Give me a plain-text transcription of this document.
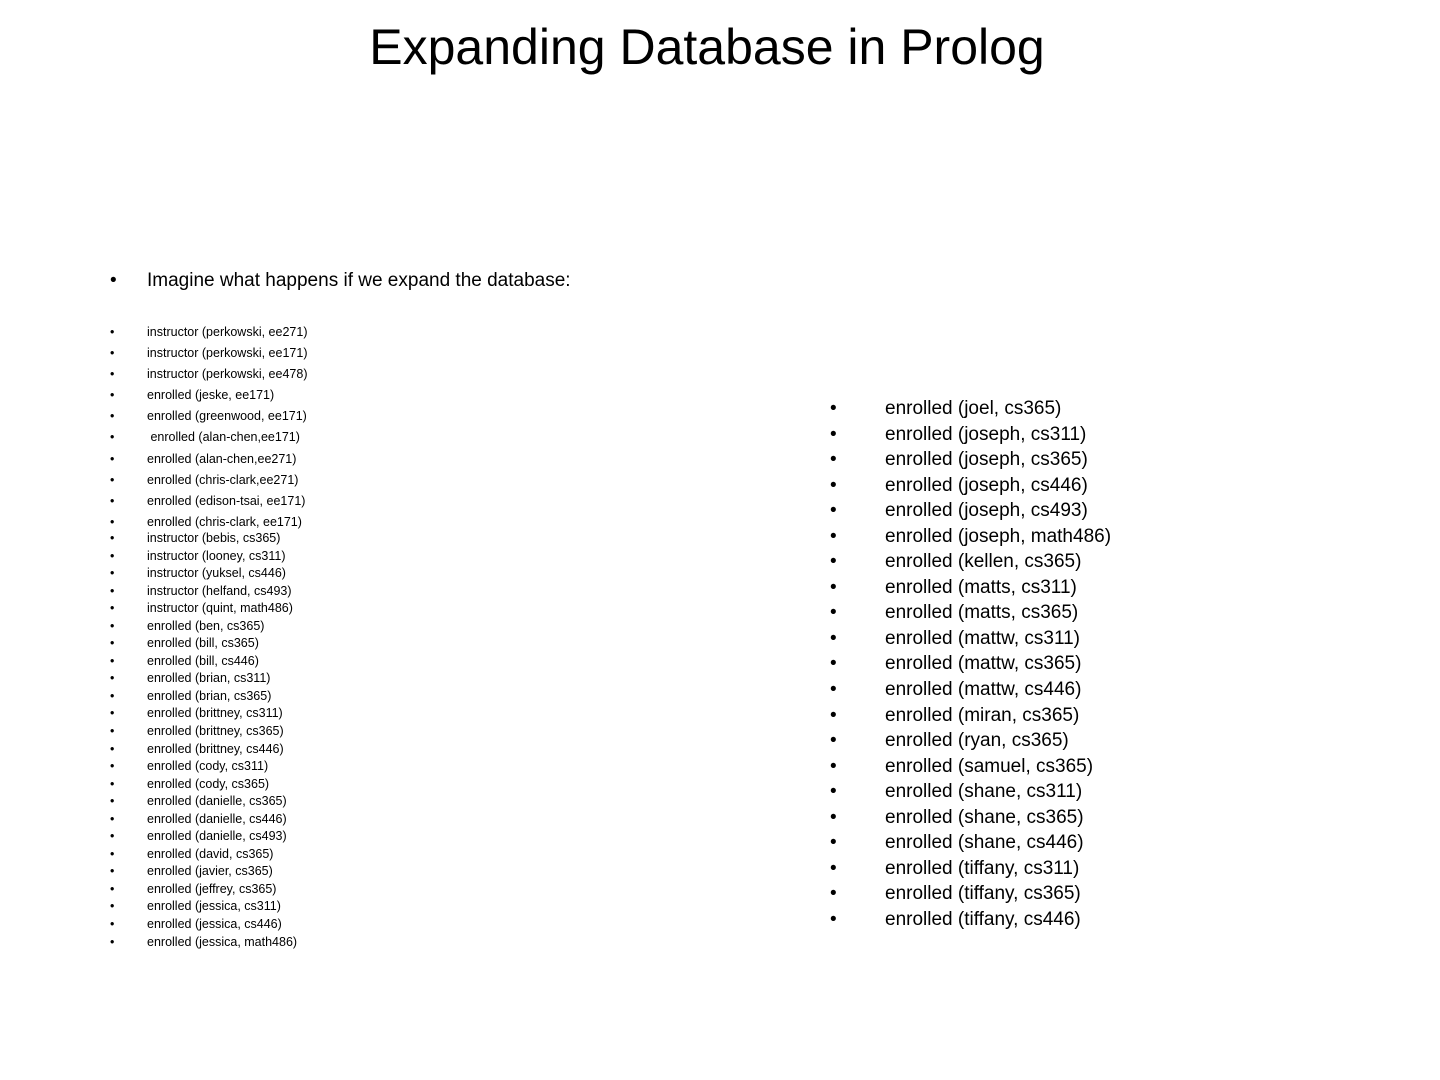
Expanding Database in Prolog

•	Imagine what happens if we expand the database:

•	instructor (perkowski, ee271)
•	instructor (perkowski, ee171)
•	instructor (perkowski, ee478)
•	enrolled (jeske, ee171)
•	enrolled (greenwood, ee171)
•	enrolled (alan-chen,ee171)
•	enrolled (alan-chen,ee271)
•	enrolled (chris-clark,ee271)
•	enrolled (edison-tsai, ee171)
•	enrolled (chris-clark, ee171)
•	instructor (bebis, cs365)
•	instructor (looney, cs311)
•	instructor (yuksel, cs446)
•	instructor (helfand, cs493)
•	instructor (quint, math486)
•	enrolled (ben, cs365)
•	enrolled (bill, cs365)
•	enrolled (bill, cs446)
•	enrolled (brian, cs311)
•	enrolled (brian, cs365)
•	enrolled (brittney, cs311)
•	enrolled (brittney, cs365)
•	enrolled (brittney, cs446)
•	enrolled (cody, cs311)
•	enrolled (cody, cs365)
•	enrolled (danielle, cs365)
•	enrolled (danielle, cs446)
•	enrolled (danielle, cs493)
•	enrolled (david, cs365)
•	enrolled (javier, cs365)
•	enrolled (jeffrey, cs365)
•	enrolled (jessica, cs311)
•	enrolled (jessica, cs446)
•	enrolled (jessica, math486)
•	enrolled (joel, cs365)
•	enrolled (joseph, cs311)
•	enrolled (joseph, cs365)
•	enrolled (joseph, cs446)
•	enrolled (joseph, cs493)
•	enrolled (joseph, math486)
•	enrolled (kellen, cs365)
•	enrolled (matts, cs311)
•	enrolled (matts, cs365)
•	enrolled (mattw, cs311)
•	enrolled (mattw, cs365)
•	enrolled (mattw, cs446)
•	enrolled (miran, cs365)
•	enrolled (ryan, cs365)
•	enrolled (samuel, cs365)
•	enrolled (shane, cs311)
•	enrolled (shane, cs365)
•	enrolled (shane, cs446)
•	enrolled (tiffany, cs311)
•	enrolled (tiffany, cs365)
•	enrolled (tiffany, cs446)
